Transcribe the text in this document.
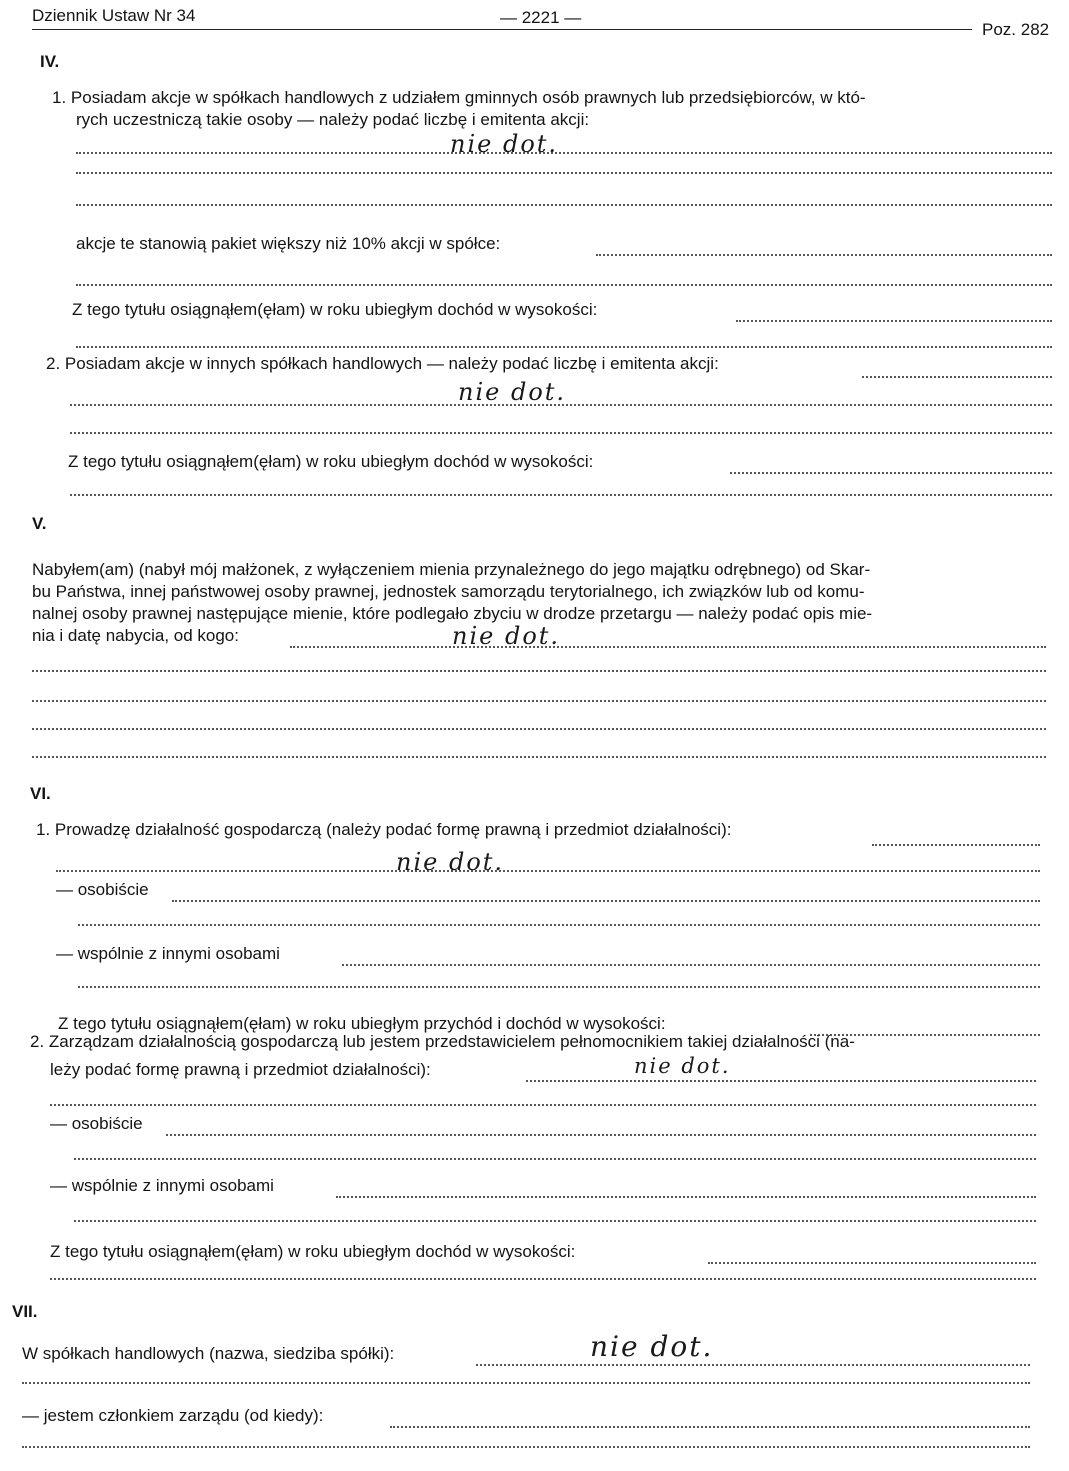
Dziennik Ustaw Nr 34	— 2221 —
Poz. 282
IV.
1. Posiadam akcje w spółkach handlowych z udziałem gminnych osób prawnych lub przedsiębiorców, w któ-
rych uczestniczą takie osoby — należy podać liczbę i emitenta akcji:
nie dot.
akcje te stanowią pakiet większy niż 10% akcji w spółce:
Z tego tytułu osiągnąłem(ęłam) w roku ubiegłym dochód w wysokości:
2. Posiadam akcje w innych spółkach handlowych — należy podać liczbę i emitenta akcji:
nie dot.
Z tego tytułu osiągnąłem(ęłam) w roku ubiegłym dochód w wysokości:
V.
Nabyłem(am) (nabył mój małżonek, z wyłączeniem mienia przynależnego do jego majątku odrębnego) od Skar-
bu Państwa, innej państwowej osoby prawnej, jednostek samorządu terytorialnego, ich związków lub od komu-
nalnej osoby prawnej następujące mienie, które podlegało zbyciu w drodze przetargu — należy podać opis mie-
nia i datę nabycia, od kogo:	nie dot.
VI.
1. Prowadzę działalność gospodarczą (należy podać formę prawną i przedmiot działalności):
nie dot.
— osobiście
— wspólnie z innymi osobami
Z tego tytułu osiągnąłem(ęłam) w roku ubiegłym przychód i dochód w wysokości:
2. Zarządzam działalnością gospodarczą lub jestem przedstawicielem pełnomocnikiem takiej działalności (na-
leży podać formę prawną i przedmiot działalności):	nie dot.
— osobiście
— wspólnie z innymi osobami
Z tego tytułu osiągnąłem(ęłam) w roku ubiegłym dochód w wysokości:
VII.
W spółkach handlowych (nazwa, siedziba spółki):	nie dot.
— jestem członkiem zarządu (od kiedy):
